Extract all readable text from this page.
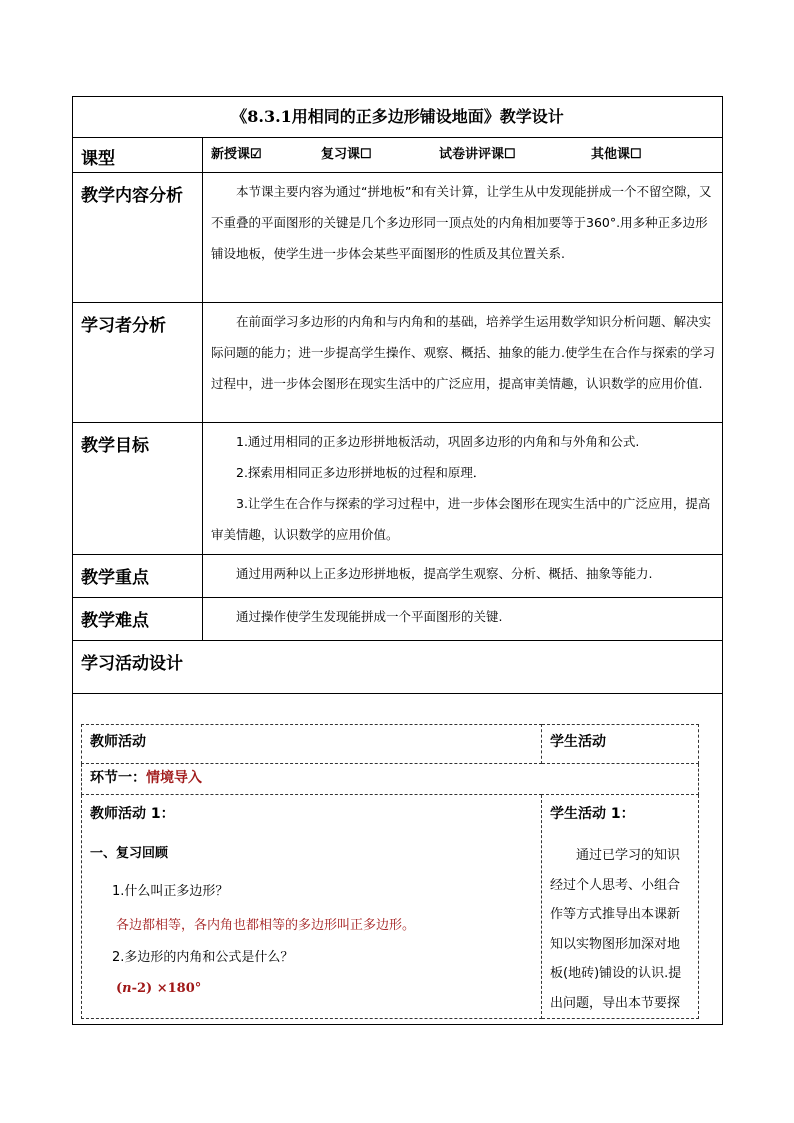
《8.3.1用相同的正多边形铺设地面》教学设计
课型	新授课☑	复习课☐	试卷讲评课☐	其他课☐
教学内容分析	本节课主要内容为通过“拼地板”和有关计算，让学生从中发现能拼成一个不留空隙，又不重叠的平面图形的关键是几个多边形同一顶点处的内角相加要等于360°.用多种正多边形铺设地板，使学生进一步体会某些平面图形的性质及其位置关系.

学习者分析	在前面学习多边形的内角和与内角和的基础，培养学生运用数学知识分析问题、解决实际问题的能力；进一步提高学生操作、观察、概括、抽象的能力.使学生在合作与探索的学习过程中，进一步体会图形在现实生活中的广泛应用，提高审美情趣，认识数学的应用价值.

教学目标	1.通过用相同的正多边形拼地板活动，巩固多边形的内角和与外角和公式.

2.探索用相同正多边形拼地板的过程和原理．

3.让学生在合作与探索的学习过程中，进一步体会图形在现实生活中的广泛应用，提高审美情趣，认识数学的应用价值。

教学重点	通过用两种以上正多边形拼地板，提高学生观察、分析、概括、抽象等能力.

教学难点	通过操作使学生发现能拼成一个平面图形的关键.

学习活动设计

教师活动	学生活动
环节一：情境导入

教师活动 1：
一、复习回顾
1.什么叫正多边形？
各边都相等，各内角也都相等的多边形叫正多边形。
2.多边形的内角和公式是什么？
(n-2) ×180°

学生活动 1：

通过已学习的知识经过个人思考、小组合作等方式推导出本课新知以实物图形加深对地板(地砖)铺设的认识.提出问题，导出本节要探
